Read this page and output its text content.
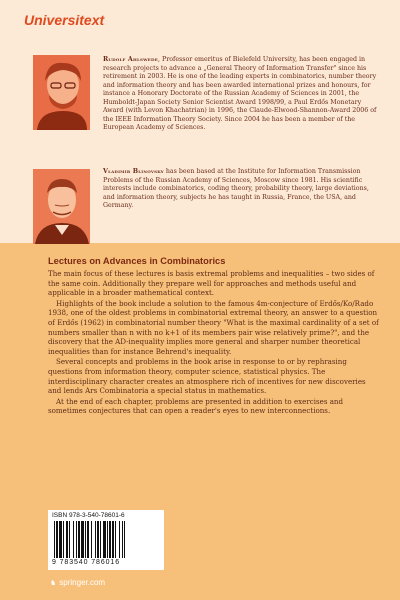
Universitext
Rudolf Ahlswede, Professor emeritus of Bielefeld University, has been engaged in research projects to advance a „General Theory of Information Transfer" since his retirement in 2003. He is one of the leading experts in combinatorics, number theory and information theory and has been awarded international prizes and honours, for instance a Honorary Doctorate of the Russian Academy of Sciences in 2001, the Humboldt-Japan Society Senior Scientist Award 1998/99, a Paul Erdős Monetary Award (with Levon Khachatrian) in 1996, the Claude-Elwood-Shannon-Award 2006 of the IEEE Information Theory Society. Since 2004 he has been a member of the European Academy of Sciences.
Vladimir Blinovsky has been based at the Institute for Information Transmission Problems of the Russian Academy of Sciences, Moscow since 1981. His scientific interests include combinatorics, coding theory, probability theory, large deviations, and information theory, subjects he has taught in Russia, France, the USA, and Germany.
Lectures on Advances in Combinatorics

The main focus of these lectures is basis extremal problems and inequalities – two sides of the same coin. Additionally they prepare well for approaches and methods useful and applicable in a broader mathematical context.

Highlights of the book include a solution to the famous 4m-conjecture of Erdős/Ko/Rado 1938, one of the oldest problems in combinatorial extremal theory, an answer to a question of Erdős (1962) in combinatorial number theory "What is the maximal cardinality of a set of numbers smaller than n with no k+1 of its members pair wise relatively prime?", and the discovery that the AD-inequality implies more general and sharper number theoretical inequalities than for instance Behrend's inequality.

Several concepts and problems in the book arise in response to or by rephrasing questions from information theory, computer science, statistical physics. The interdisciplinary character creates an atmosphere rich of incentives for new discoveries and lends Ars Combinatoria a special status in mathematics.

At the end of each chapter, problems are presented in addition to exercises and sometimes conjectures that can open a reader's eyes to new interconnections.

ISBN 978-3-540-78601-6
9 783540 786016
♞ springer.com
